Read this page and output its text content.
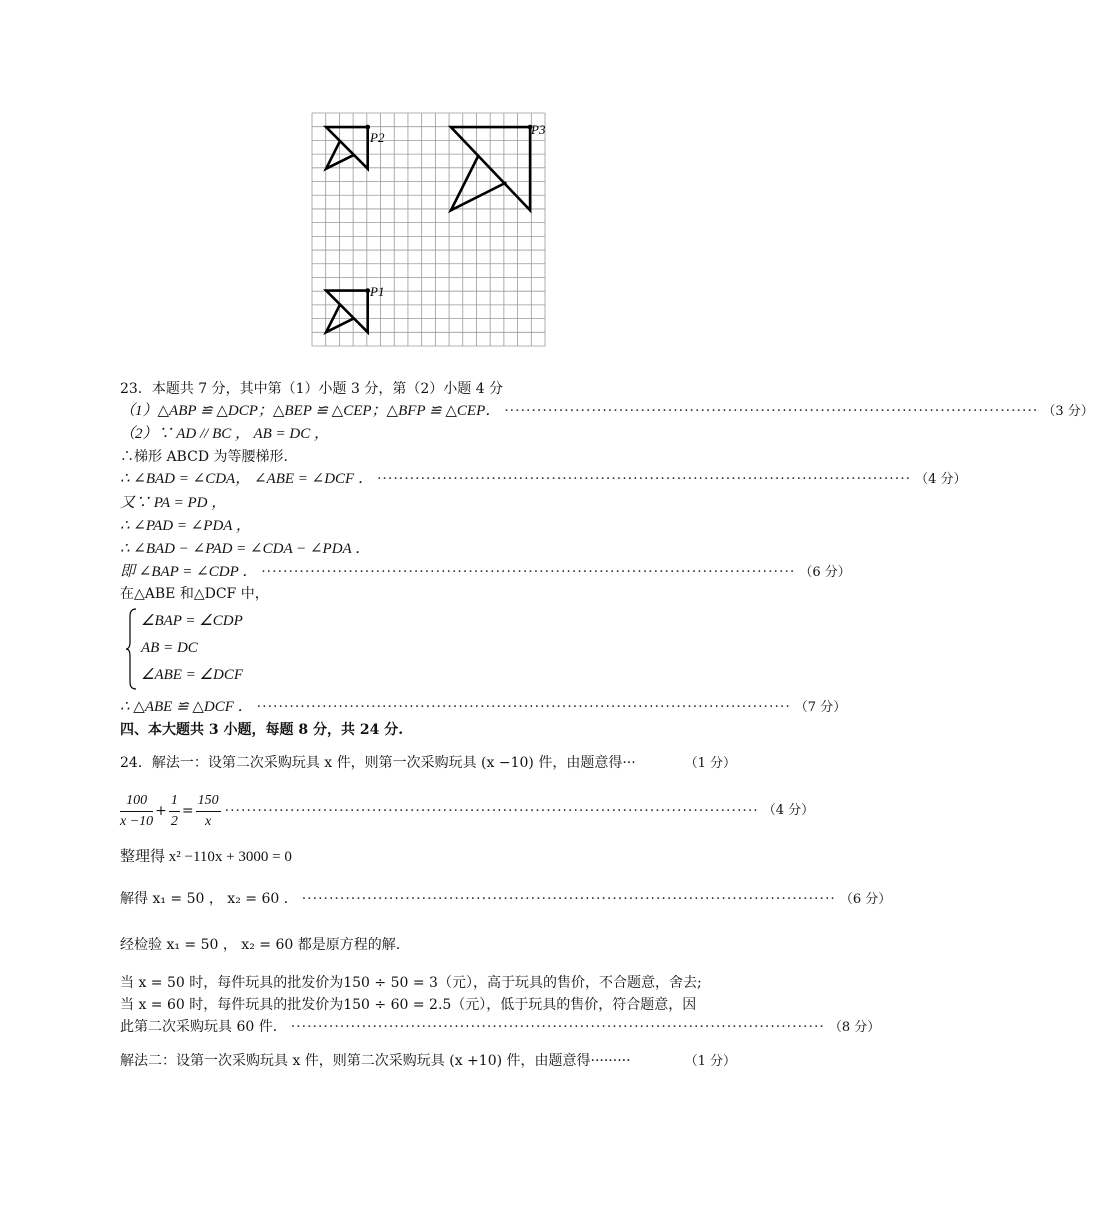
P2
P3
P1
23．本题共 7 分，其中第（1）小题 3 分，第（2）小题 4 分
（1）△ABP ≌ △DCP；△BEP ≌ △CEP；△BFP ≌ △CEP． ·································································································· （3 分）
（2）∵ AD // BC ， AB = DC ，
∴梯形 ABCD 为等腰梯形.
∴ ∠BAD = ∠CDA， ∠ABE = ∠DCF ． ·································································································· （4 分）
又∵ PA = PD ，
∴ ∠PAD = ∠PDA ，
∴ ∠BAD − ∠PAD = ∠CDA − ∠PDA ．
即 ∠BAP = ∠CDP ． ·································································································· （6 分）
在△ABE 和△DCF 中，
∠BAP = ∠CDP
AB = DC
∠ABE = ∠DCF
∴ △ABE ≌ △DCF ． ·································································································· （7 分）
四、本大题共 3 小题，每题 8 分，共 24 分.
24．解法一：设第二次采购玩具 x 件，则第一次采购玩具 (x −10) 件，由题意得···	（1 分）
$\frac{100}{x -10} + \frac{1}{2} = \frac{150}{x}$ ·································································································· （4 分）
整理得 x² −110x + 3000 = 0
解得 x₁ = 50 ， x₂ = 60 ． ·································································································· （6 分）
经检验 x₁ = 50 ， x₂ = 60 都是原方程的解.
当 x = 50 时，每件玩具的批发价为150 ÷ 50 = 3（元），高于玩具的售价，不合题意，舍去;
当 x = 60 时，每件玩具的批发价为150 ÷ 60 = 2.5（元），低于玩具的售价，符合题意，因
此第二次采购玩具 60 件． ·································································································· （8 分）
解法二：设第一次采购玩具 x 件，则第二次采购玩具 (x +10) 件，由题意得·········	（1 分）
